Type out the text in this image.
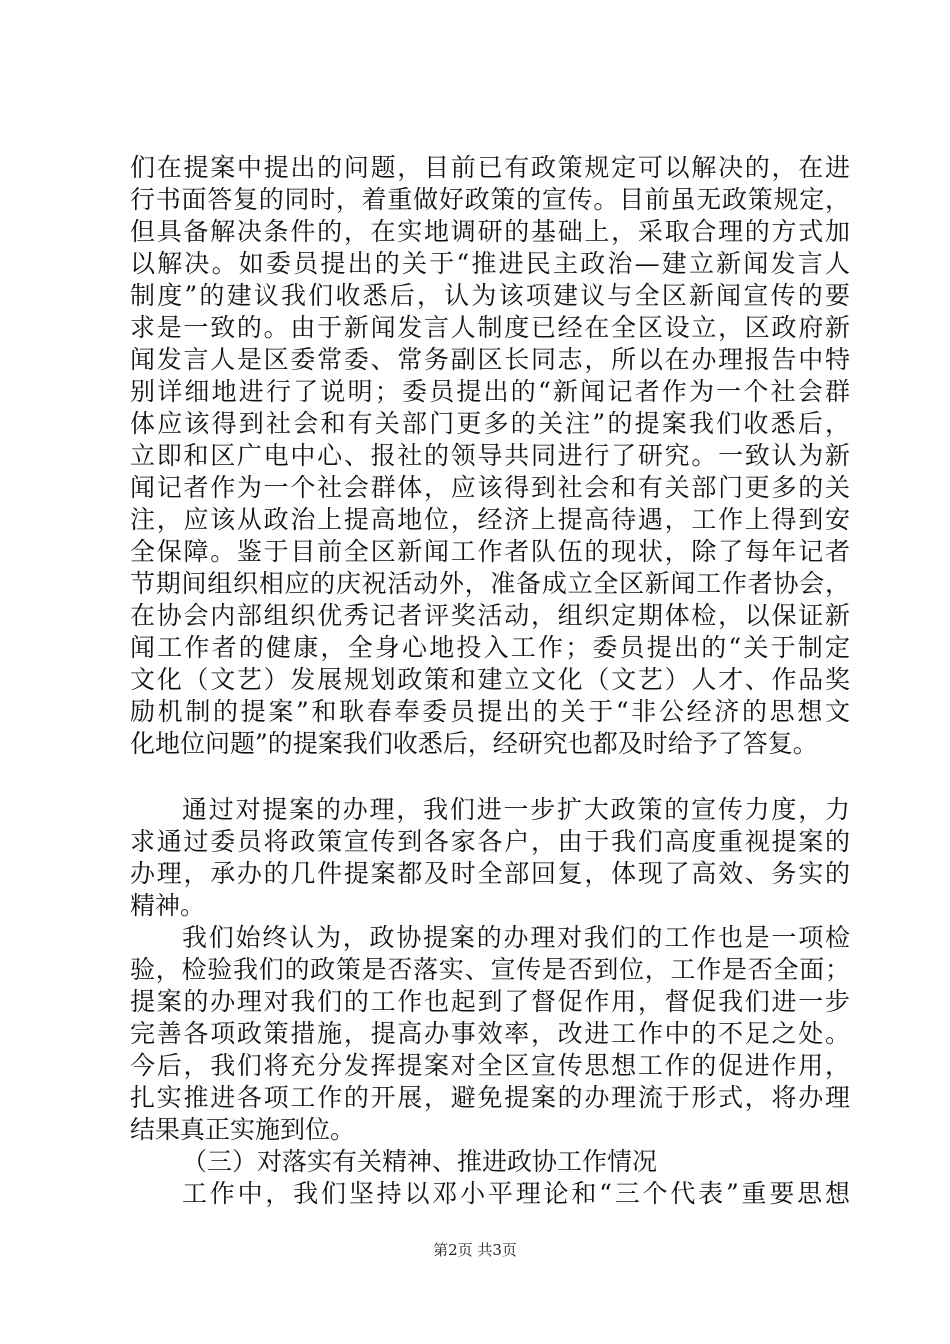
们在提案中提出的问题，目前已有政策规定可以解决的，在进
行书面答复的同时，着重做好政策的宣传。目前虽无政策规定，
但具备解决条件的，在实地调研的基础上，采取合理的方式加
以解决。如委员提出的关于“推进民主政治—建立新闻发言人
制度”的建议我们收悉后，认为该项建议与全区新闻宣传的要
求是一致的。由于新闻发言人制度已经在全区设立，区政府新
闻发言人是区委常委、常务副区长同志，所以在办理报告中特
别详细地进行了说明；委员提出的“新闻记者作为一个社会群
体应该得到社会和有关部门更多的关注”的提案我们收悉后，
立即和区广电中心、报社的领导共同进行了研究。一致认为新
闻记者作为一个社会群体，应该得到社会和有关部门更多的关
注，应该从政治上提高地位，经济上提高待遇，工作上得到安
全保障。鉴于目前全区新闻工作者队伍的现状，除了每年记者
节期间组织相应的庆祝活动外，准备成立全区新闻工作者协会，
在协会内部组织优秀记者评奖活动，组织定期体检，以保证新
闻工作者的健康，全身心地投入工作；委员提出的“关于制定
文化（文艺）发展规划政策和建立文化（文艺）人才、作品奖
励机制的提案”和耿春奉委员提出的关于“非公经济的思想文
化地位问题”的提案我们收悉后，经研究也都及时给予了答复。
通过对提案的办理，我们进一步扩大政策的宣传力度，力
求通过委员将政策宣传到各家各户，由于我们高度重视提案的
办理，承办的几件提案都及时全部回复，体现了高效、务实的
精神。
我们始终认为，政协提案的办理对我们的工作也是一项检
验，检验我们的政策是否落实、宣传是否到位，工作是否全面；
提案的办理对我们的工作也起到了督促作用，督促我们进一步
完善各项政策措施，提高办事效率，改进工作中的不足之处。
今后，我们将充分发挥提案对全区宣传思想工作的促进作用，
扎实推进各项工作的开展，避免提案的办理流于形式，将办理
结果真正实施到位。
（三）对落实有关精神、推进政协工作情况
工作中，我们坚持以邓小平理论和“三个代表”重要思想
第2页 共3页
